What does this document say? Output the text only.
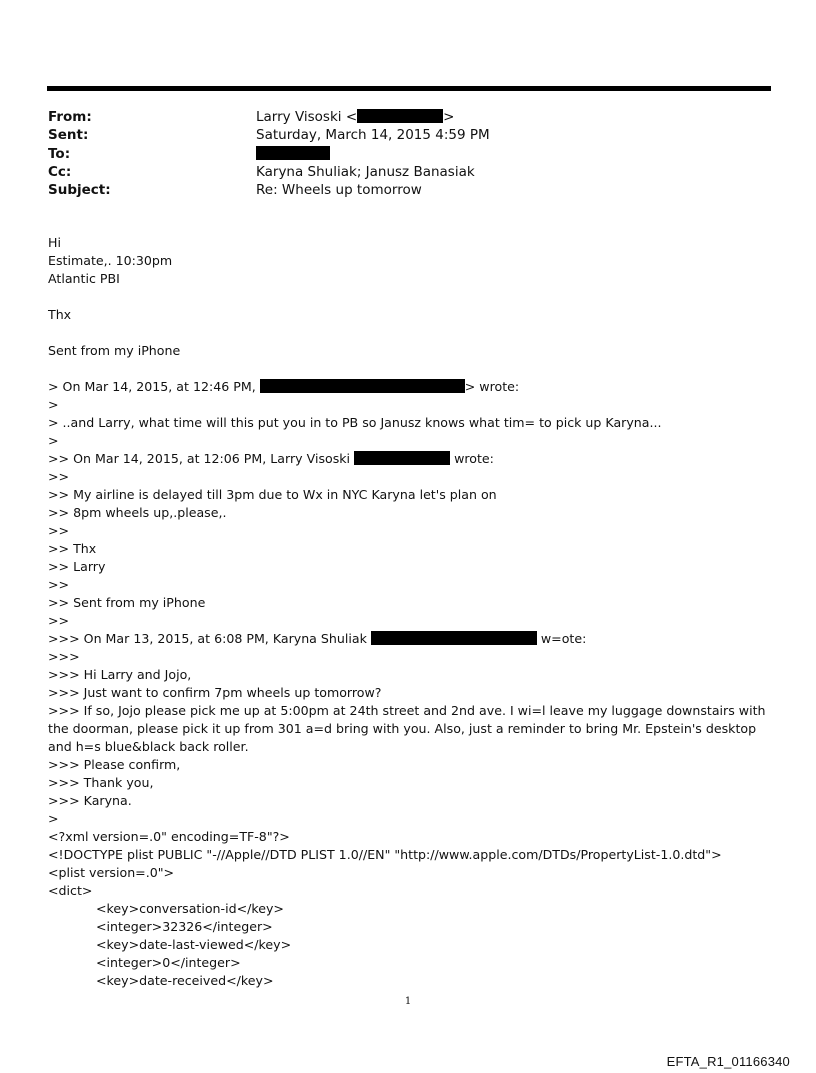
From:	Larry Visoski <	>
Sent:	Saturday, March 14, 2015 4:59 PM
To:
Cc:	Karyna Shuliak; Janusz Banasiak
Subject:	Re: Wheels up tomorrow
Hi
Estimate,. 10:30pm
Atlantic PBI
Thx
Sent from my iPhone
> On Mar 14, 2015, at 12:46 PM,	> wrote:
>
> ..and Larry, what time will this put you in to PB so Janusz knows what tim= to pick up Karyna...
>
>> On Mar 14, 2015, at 12:06 PM, Larry Visoski	wrote:
>>
>> My airline is delayed till 3pm due to Wx in NYC Karyna let's plan on
>> 8pm wheels up,.please,.
>>
>> Thx
>> Larry
>>
>> Sent from my iPhone
>>
>>> On Mar 13, 2015, at 6:08 PM, Karyna Shuliak	w=ote:
>>>
>>> Hi Larry and Jojo,
>>> Just want to confirm 7pm wheels up tomorrow?
>>> If so, Jojo please pick me up at 5:00pm at 24th street and 2nd ave. I wi=l leave my luggage downstairs with the doorman, please pick it up from 301 a=d bring with you. Also, just a reminder to bring Mr. Epstein's desktop and h=s blue&black back roller.
>>> Please confirm,
>>> Thank you,
>>> Karyna.
>
<?xml version=.0" encoding=TF-8"?>
<!DOCTYPE plist PUBLIC "-//Apple//DTD PLIST 1.0//EN" "http://www.apple.com/DTDs/PropertyList-1.0.dtd">
<plist version=.0">
<dict>
<key>conversation-id</key>
<integer>32326</integer>
<key>date-last-viewed</key>
<integer>0</integer>
<key>date-received</key>
1
EFTA_R1_01166340
